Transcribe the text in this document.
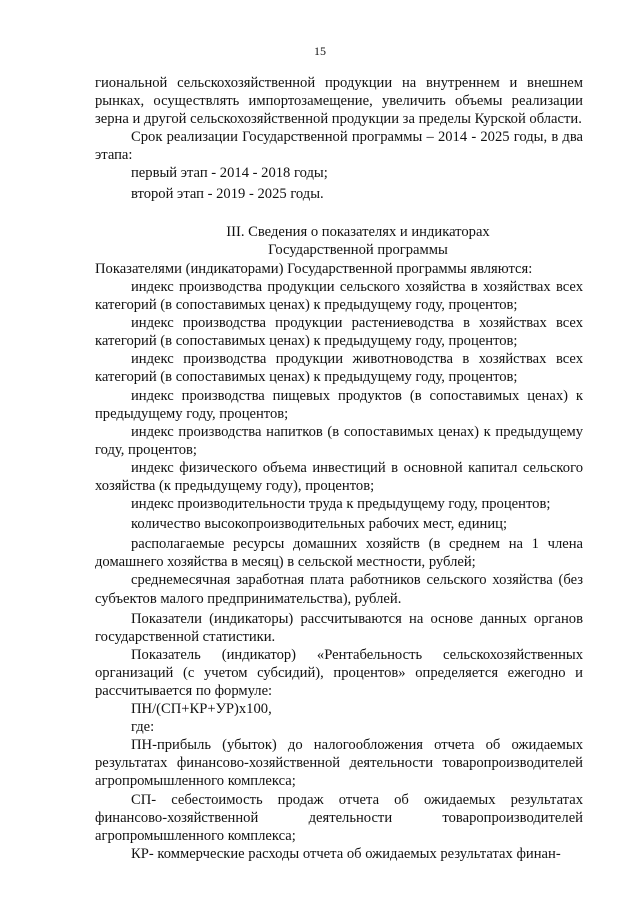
15

гиональной сельскохозяйственной продукции на внутреннем и внешнем рынках, осуществлять импортозамещение, увеличить объемы реализации зерна и другой сельскохозяйственной продукции за пределы Курской области.

Срок реализации Государственной программы – 2014 - 2025 годы, в два этапа:

первый этап - 2014 - 2018 годы;

второй этап - 2019 - 2025 годы.

III. Сведения о показателях и индикаторах
Государственной программы

Показателями (индикаторами) Государственной программы являются:

индекс производства продукции сельского хозяйства в хозяйствах всех категорий (в сопоставимых ценах) к предыдущему году, процентов;

индекс производства продукции растениеводства в хозяйствах всех категорий (в сопоставимых ценах) к предыдущему году, процентов;

индекс производства продукции животноводства в хозяйствах всех категорий (в сопоставимых ценах) к предыдущему году, процентов;

индекс производства пищевых продуктов (в сопоставимых ценах) к предыдущему году, процентов;

индекс производства напитков (в сопоставимых ценах) к предыдущему году, процентов;

индекс физического объема инвестиций в основной капитал сельского хозяйства (к предыдущему году), процентов;

индекс производительности труда к предыдущему году, процентов;

количество высокопроизводительных рабочих мест, единиц;

располагаемые ресурсы домашних хозяйств (в среднем на 1 члена домашнего хозяйства в месяц) в сельской местности, рублей;

среднемесячная заработная плата работников сельского хозяйства (без субъектов малого предпринимательства), рублей.

Показатели (индикаторы) рассчитываются на основе данных органов государственной статистики.

Показатель (индикатор) «Рентабельность сельскохозяйственных организаций (с учетом субсидий), процентов» определяется ежегодно и рассчитывается по формуле:

ПН/(СП+КР+УР)х100,

где:

ПН-прибыль (убыток) до налогообложения отчета об ожидаемых результатах финансово-хозяйственной деятельности товаропроизводителей агропромышленного комплекса;

СП- себестоимость продаж отчета об ожидаемых результатах финансово-хозяйственной деятельности товаропроизводителей агропромышленного комплекса;

КР- коммерческие расходы отчета об ожидаемых результатах финан-
